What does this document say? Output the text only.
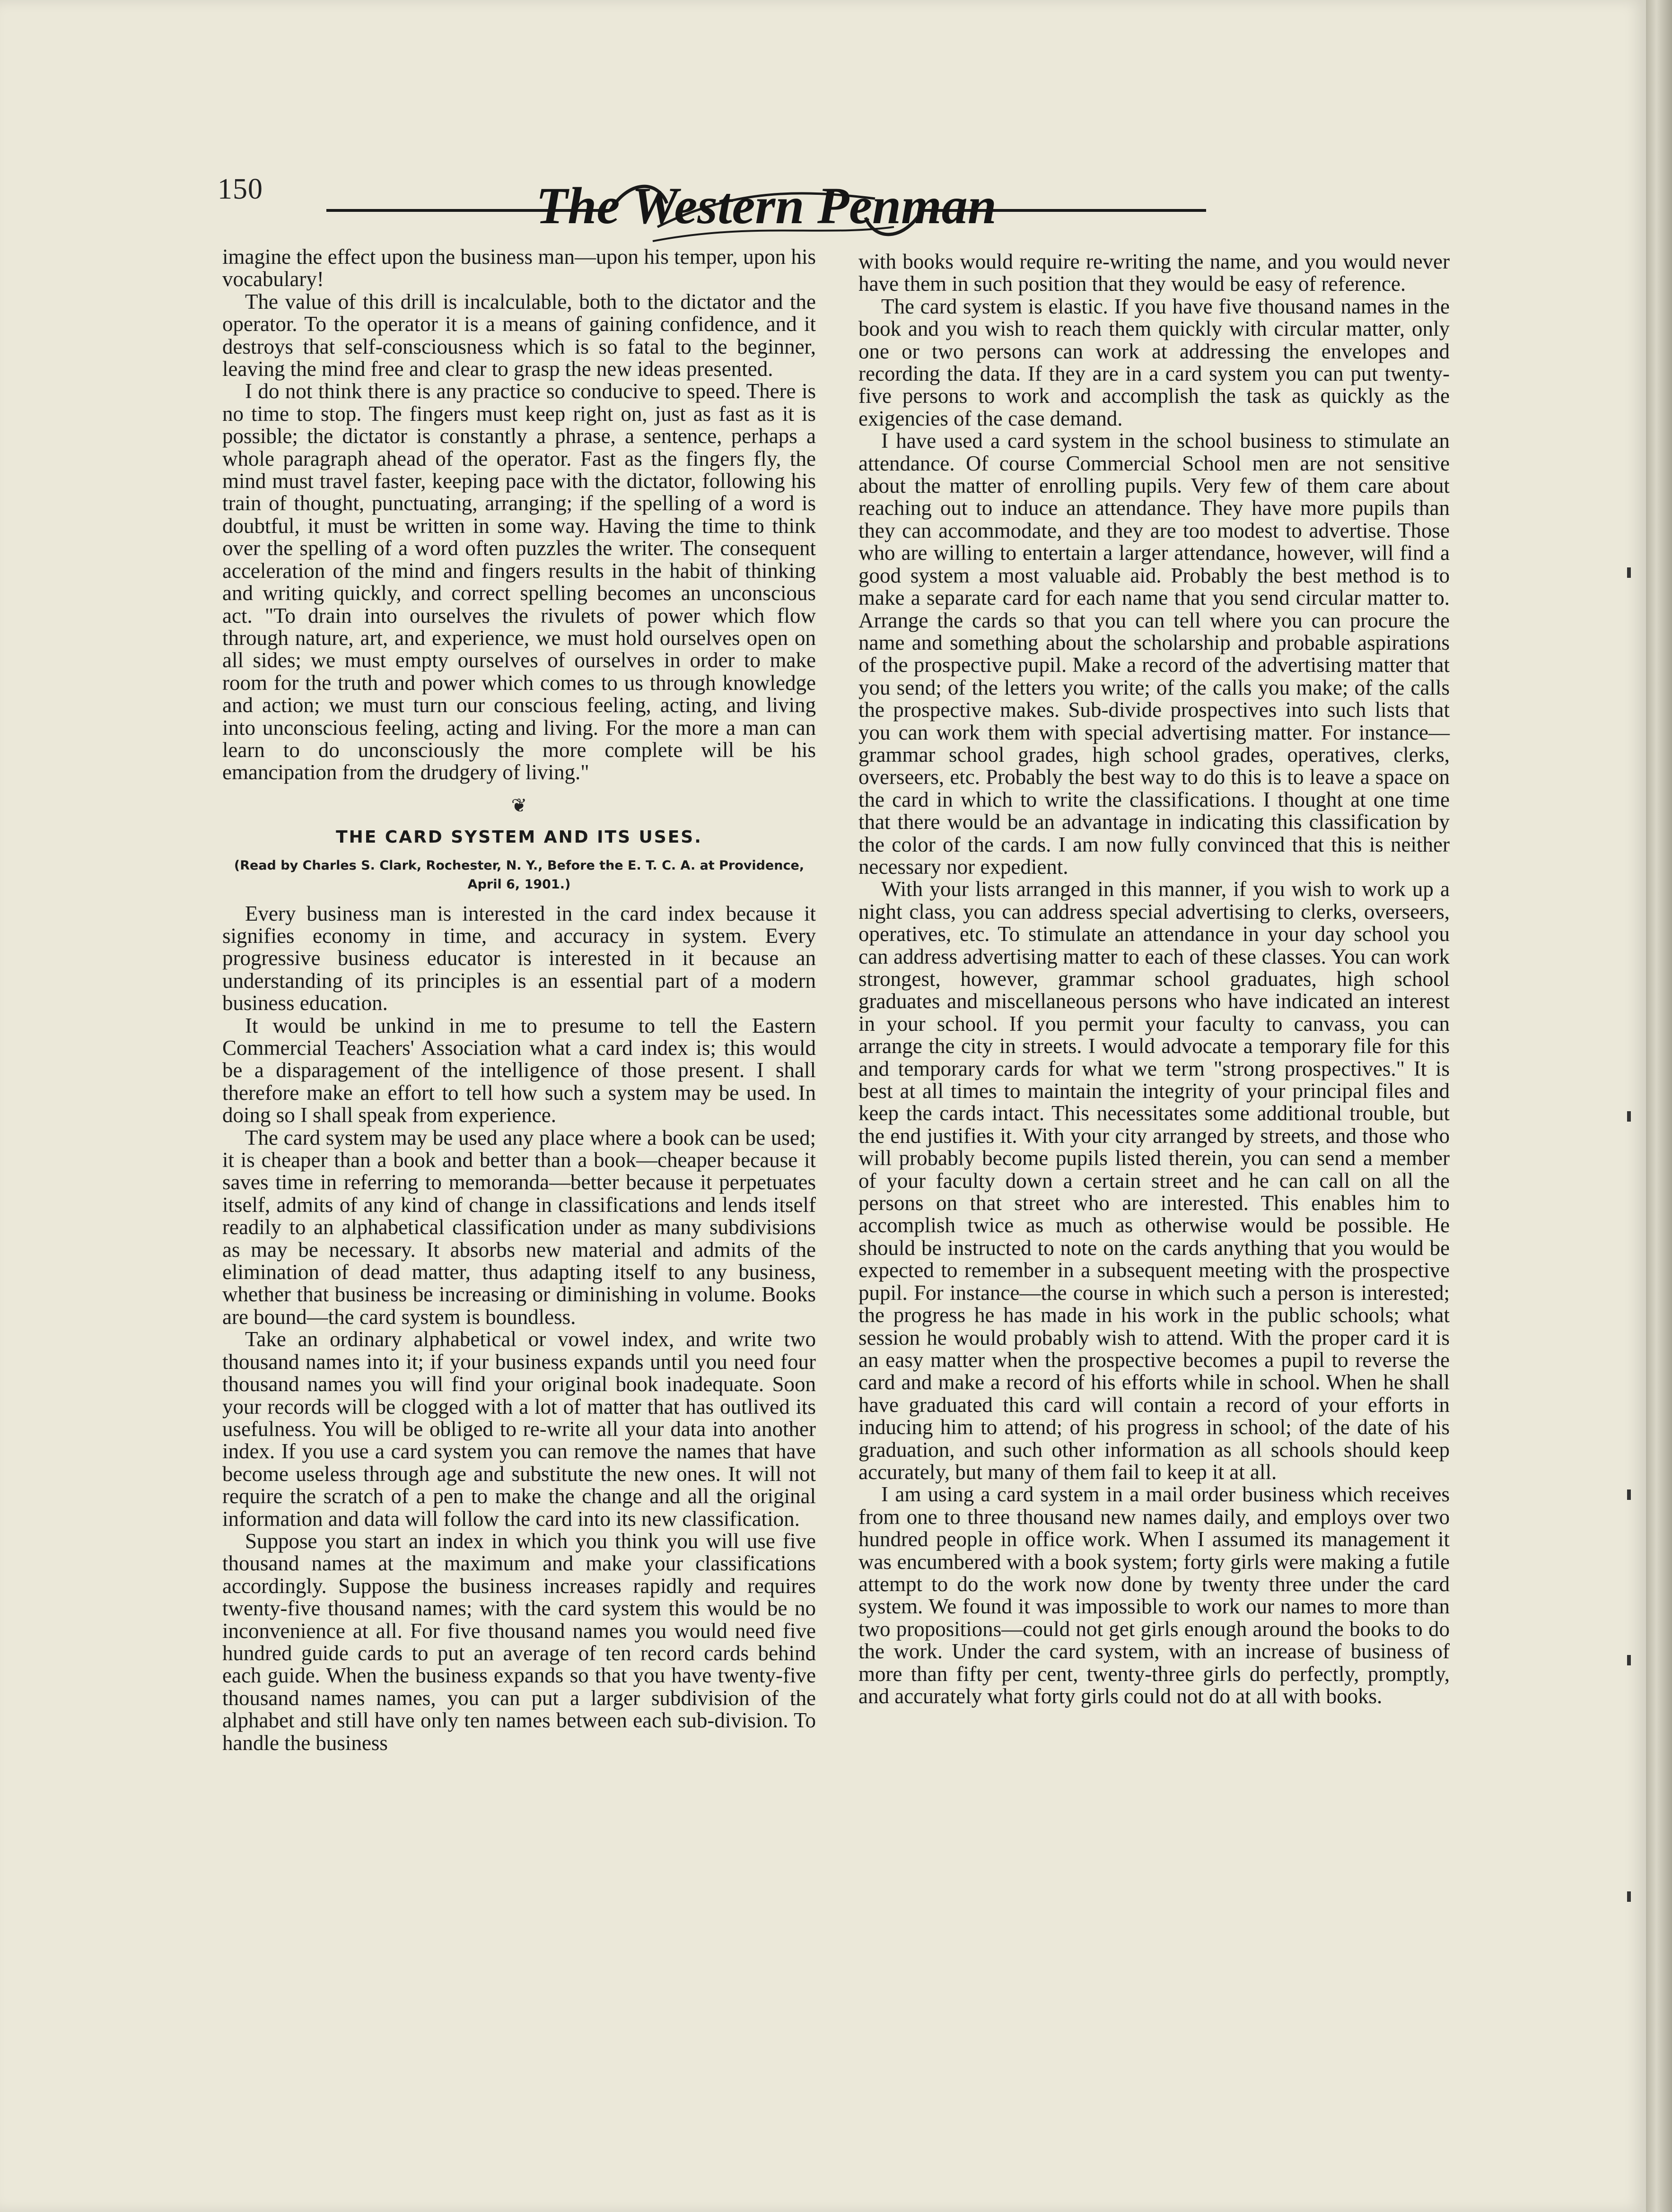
150	The Western Penman

imagine the effect upon the business man—upon his temper, upon his vocabulary!

The value of this drill is incalculable, both to the dictator and the operator. To the operator it is a means of gaining confidence, and it destroys that self-consciousness which is so fatal to the beginner, leaving the mind free and clear to grasp the new ideas presented.

I do not think there is any practice so conducive to speed. There is no time to stop. The fingers must keep right on, just as fast as it is possible; the dictator is constantly a phrase, a sentence, perhaps a whole paragraph ahead of the operator. Fast as the fingers fly, the mind must travel faster, keeping pace with the dictator, following his train of thought, punctuating, arranging; if the spelling of a word is doubtful, it must be written in some way. Having the time to think over the spelling of a word often puzzles the writer. The consequent acceleration of the mind and fingers results in the habit of thinking and writing quickly, and correct spelling becomes an unconscious act. "To drain into ourselves the rivulets of power which flow through nature, art, and experience, we must hold ourselves open on all sides; we must empty ourselves of ourselves in order to make room for the truth and power which comes to us through knowledge and action; we must turn our conscious feeling, acting, and living into unconscious feeling, acting and living. For the more a man can learn to do unconsciously the more complete will be his emancipation from the drudgery of living."

❦
THE CARD SYSTEM AND ITS USES.
(Read by Charles S. Clark, Rochester, N. Y., Before the E. T. C. A. at Providence, April 6, 1901.)

Every business man is interested in the card index because it signifies economy in time, and accuracy in system. Every progressive business educator is interested in it because an understanding of its principles is an essential part of a modern business education.

It would be unkind in me to presume to tell the Eastern Commercial Teachers' Association what a card index is; this would be a disparagement of the intelligence of those present. I shall therefore make an effort to tell how such a system may be used. In doing so I shall speak from experience.

The card system may be used any place where a book can be used; it is cheaper than a book and better than a book—cheaper because it saves time in referring to memoranda—better because it perpetuates itself, admits of any kind of change in classifications and lends itself readily to an alphabetical classification under as many subdivisions as may be necessary. It absorbs new material and admits of the elimination of dead matter, thus adapting itself to any business, whether that business be increasing or diminishing in volume. Books are bound—the card system is boundless.

Take an ordinary alphabetical or vowel index, and write two thousand names into it; if your business expands until you need four thousand names you will find your original book inadequate. Soon your records will be clogged with a lot of matter that has outlived its usefulness. You will be obliged to re-write all your data into another index. If you use a card system you can remove the names that have become useless through age and substitute the new ones. It will not require the scratch of a pen to make the change and all the original information and data will follow the card into its new classification.

Suppose you start an index in which you think you will use five thousand names at the maximum and make your classifications accordingly. Suppose the business increases rapidly and requires twenty-five thousand names; with the card system this would be no inconvenience at all. For five thousand names you would need five hundred guide cards to put an average of ten record cards behind each guide. When the business expands so that you have twenty-five thousand names names, you can put a larger subdivision of the alphabet and still have only ten names between each sub-division. To handle the business

with books would require re-writing the name, and you would never have them in such position that they would be easy of reference.

The card system is elastic. If you have five thousand names in the book and you wish to reach them quickly with circular matter, only one or two persons can work at addressing the envelopes and recording the data. If they are in a card system you can put twenty-five persons to work and accomplish the task as quickly as the exigencies of the case demand.

I have used a card system in the school business to stimulate an attendance. Of course Commercial School men are not sensitive about the matter of enrolling pupils. Very few of them care about reaching out to induce an attendance. They have more pupils than they can accommodate, and they are too modest to advertise. Those who are willing to entertain a larger attendance, however, will find a good system a most valuable aid. Probably the best method is to make a separate card for each name that you send circular matter to. Arrange the cards so that you can tell where you can procure the name and something about the scholarship and probable aspirations of the prospective pupil. Make a record of the advertising matter that you send; of the letters you write; of the calls you make; of the calls the prospective makes. Sub-divide prospectives into such lists that you can work them with special advertising matter. For instance—grammar school grades, high school grades, operatives, clerks, overseers, etc. Probably the best way to do this is to leave a space on the card in which to write the classifications. I thought at one time that there would be an advantage in indicating this classification by the color of the cards. I am now fully convinced that this is neither necessary nor expedient.

With your lists arranged in this manner, if you wish to work up a night class, you can address special advertising to clerks, overseers, operatives, etc. To stimulate an attendance in your day school you can address advertising matter to each of these classes. You can work strongest, however, grammar school graduates, high school graduates and miscellaneous persons who have indicated an interest in your school. If you permit your faculty to canvass, you can arrange the city in streets. I would advocate a temporary file for this and temporary cards for what we term "strong prospectives." It is best at all times to maintain the integrity of your principal files and keep the cards intact. This necessitates some additional trouble, but the end justifies it. With your city arranged by streets, and those who will probably become pupils listed therein, you can send a member of your faculty down a certain street and he can call on all the persons on that street who are interested. This enables him to accomplish twice as much as otherwise would be possible. He should be instructed to note on the cards anything that you would be expected to remember in a subsequent meeting with the prospective pupil. For instance—the course in which such a person is interested; the progress he has made in his work in the public schools; what session he would probably wish to attend. With the proper card it is an easy matter when the prospective becomes a pupil to reverse the card and make a record of his efforts while in school. When he shall have graduated this card will contain a record of your efforts in inducing him to attend; of his progress in school; of the date of his graduation, and such other information as all schools should keep accurately, but many of them fail to keep it at all.

I am using a card system in a mail order business which receives from one to three thousand new names daily, and employs over two hundred people in office work. When I assumed its management it was encumbered with a book system; forty girls were making a futile attempt to do the work now done by twenty three under the card system. We found it was impossible to work our names to more than two propositions—could not get girls enough around the books to do the work. Under the card system, with an increase of business of more than fifty per cent, twenty-three girls do perfectly, promptly, and accurately what forty girls could not do at all with books.
